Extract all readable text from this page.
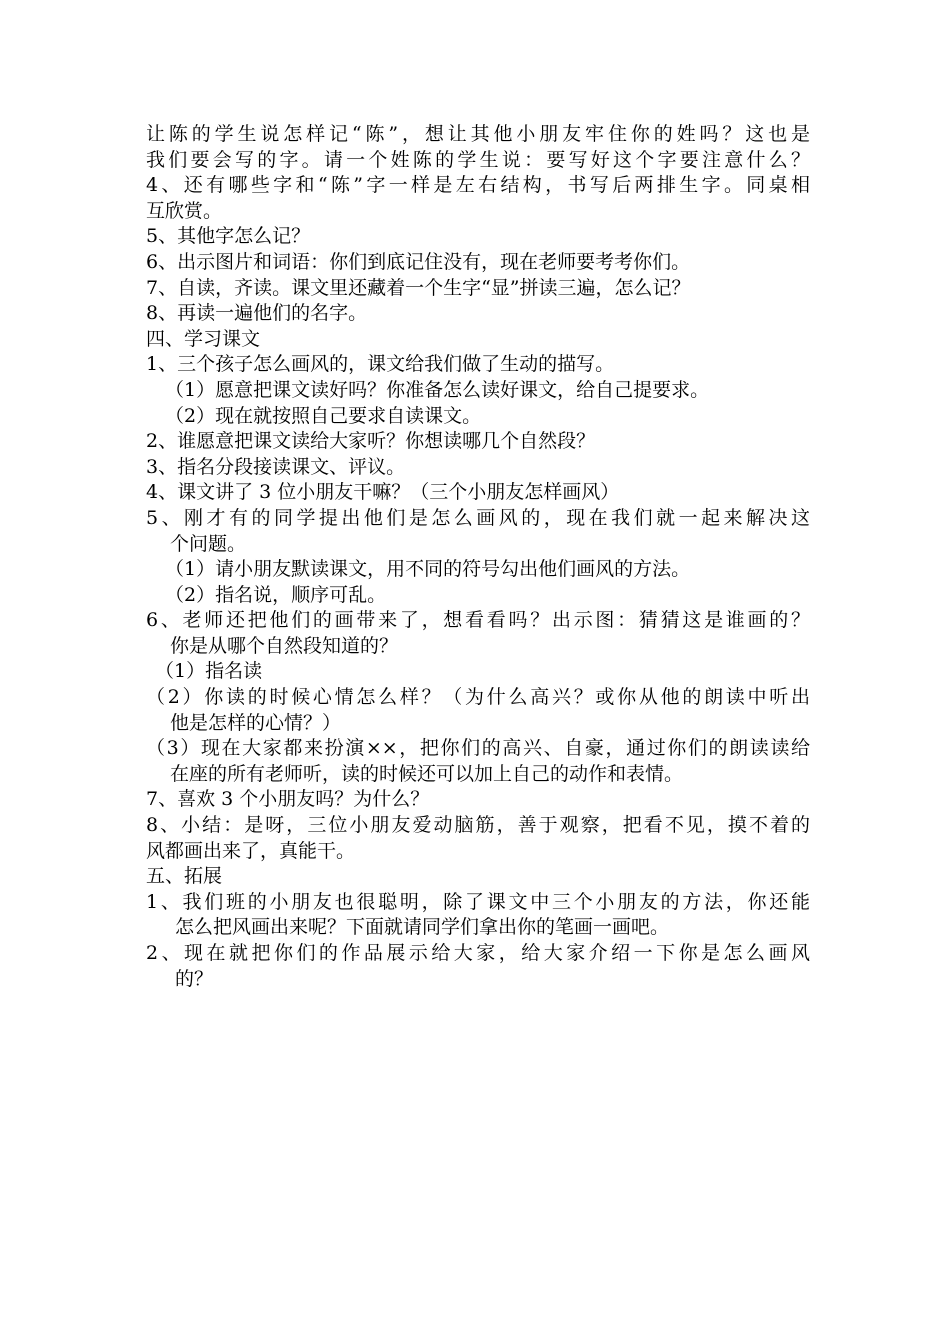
让陈的学生说怎样记“陈”，想让其他小朋友牢住你的姓吗？这也是
我们要会写的字。请一个姓陈的学生说：要写好这个字要注意什么？
4、还有哪些字和“陈”字一样是左右结构，书写后两排生字。同桌相
互欣赏。
5、其他字怎么记？
6、出示图片和词语：你们到底记住没有，现在老师要考考你们。
7、自读，齐读。课文里还藏着一个生字“显”拼读三遍，怎么记？
8、再读一遍他们的名字。
四、学习课文
1、三个孩子怎么画风的，课文给我们做了生动的描写。
（1）愿意把课文读好吗？你准备怎么读好课文，给自己提要求。
（2）现在就按照自己要求自读课文。
2、谁愿意把课文读给大家听？你想读哪几个自然段？
3、指名分段接读课文、评议。
4、课文讲了 3 位小朋友干嘛？（三个小朋友怎样画风）
5、刚才有的同学提出他们是怎么画风的，现在我们就一起来解决这
个问题。
（1）请小朋友默读课文，用不同的符号勾出他们画风的方法。
（2）指名说，顺序可乱。
6、老师还把他们的画带来了，想看看吗？出示图：猜猜这是谁画的？
你是从哪个自然段知道的？
（1）指名读
（2）你读的时候心情怎么样？（为什么高兴？或你从他的朗读中听出
他是怎样的心情？）
（3）现在大家都来扮演××，把你们的高兴、自豪，通过你们的朗读读给
在座的所有老师听，读的时候还可以加上自己的动作和表情。
7、喜欢 3 个小朋友吗？为什么？
8、小结：是呀，三位小朋友爱动脑筋，善于观察，把看不见，摸不着的
风都画出来了，真能干。
五、拓展
1、我们班的小朋友也很聪明，除了课文中三个小朋友的方法，你还能
怎么把风画出来呢？下面就请同学们拿出你的笔画一画吧。
2、现在就把你们的作品展示给大家，给大家介绍一下你是怎么画风
的？
